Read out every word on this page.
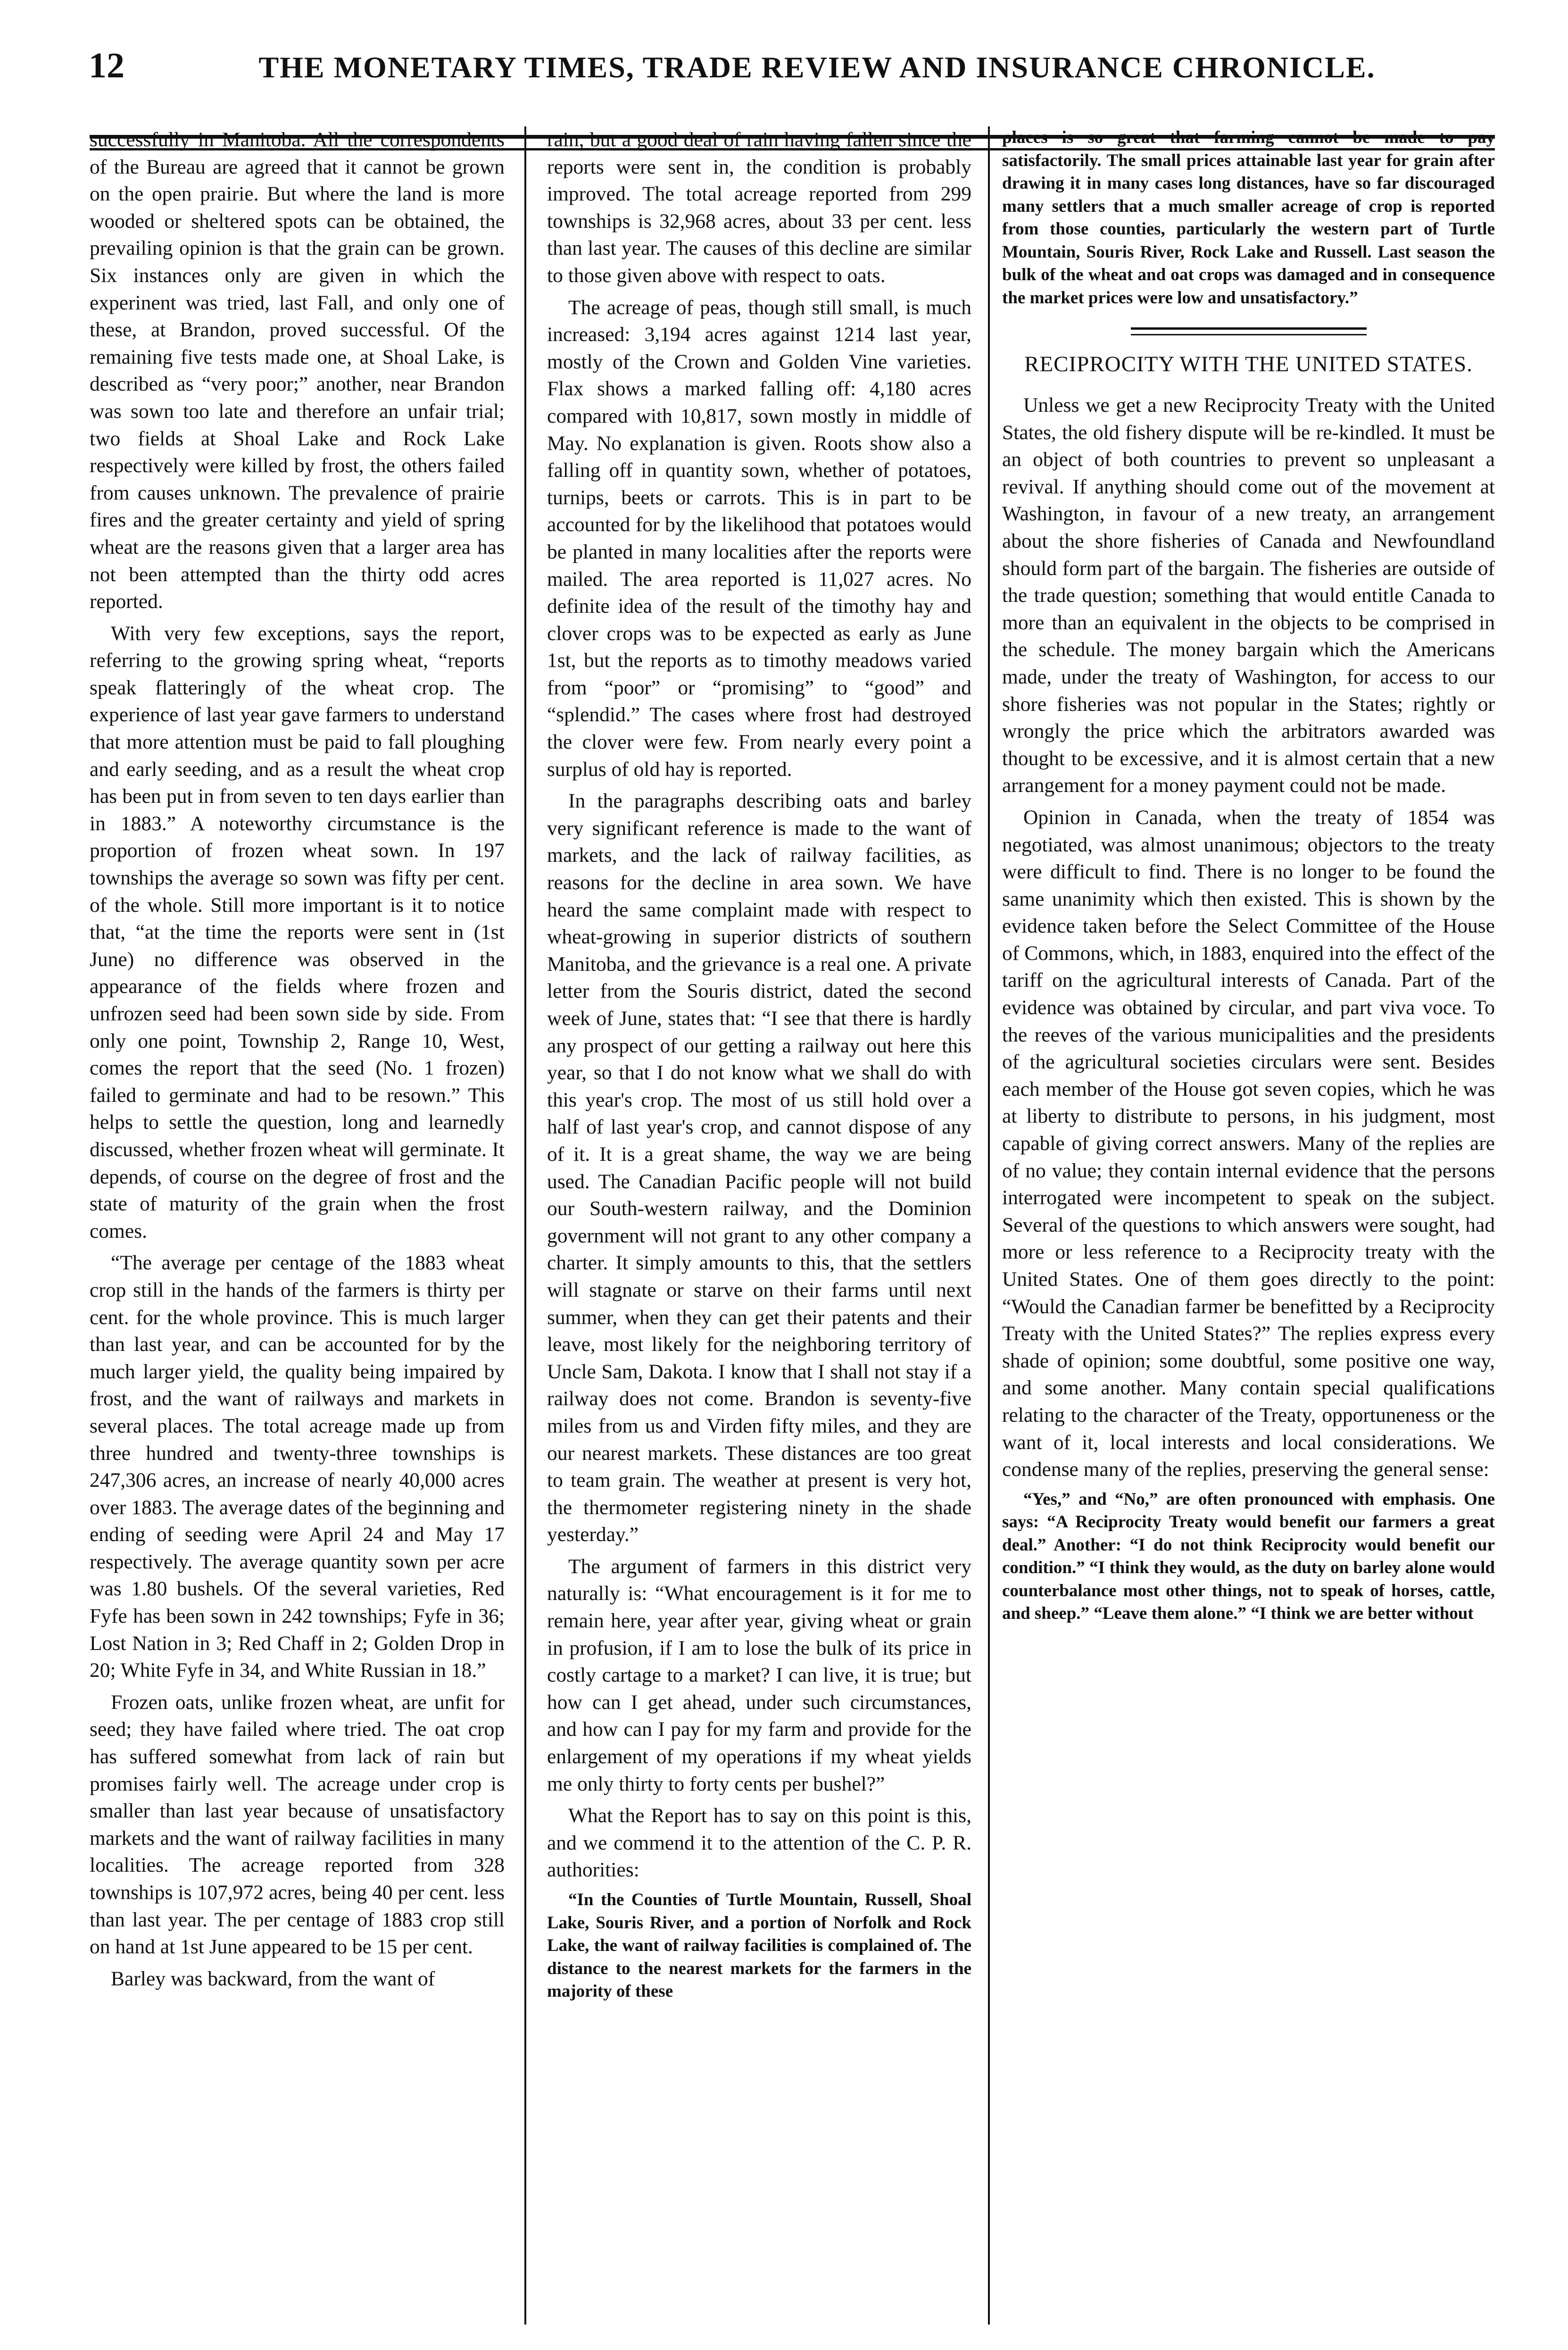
12	THE MONETARY TIMES, TRADE REVIEW AND INSURANCE CHRONICLE.

successfully in Manitoba. All the correspondents of the Bureau are agreed that it cannot be grown on the open prairie. But where the land is more wooded or sheltered spots can be obtained, the prevailing opinion is that the grain can be grown. Six instances only are given in which the experinent was tried, last Fall, and only one of these, at Brandon, proved successful. Of the remaining five tests made one, at Shoal Lake, is described as “very poor;” another, near Brandon was sown too late and therefore an unfair trial; two fields at Shoal Lake and Rock Lake respectively were killed by frost, the others failed from causes unknown. The prevalence of prairie fires and the greater certainty and yield of spring wheat are the reasons given that a larger area has not been attempted than the thirty odd acres reported.

With very few exceptions, says the report, referring to the growing spring wheat, “reports speak flatteringly of the wheat crop. The experience of last year gave farmers to understand that more attention must be paid to fall ploughing and early seeding, and as a result the wheat crop has been put in from seven to ten days earlier than in 1883.” A noteworthy circumstance is the proportion of frozen wheat sown. In 197 townships the average so sown was fifty per cent. of the whole. Still more important is it to notice that, “at the time the reports were sent in (1st June) no difference was observed in the appearance of the fields where frozen and unfrozen seed had been sown side by side. From only one point, Township 2, Range 10, West, comes the report that the seed (No. 1 frozen) failed to germinate and had to be resown.” This helps to settle the question, long and learnedly discussed, whether frozen wheat will germinate. It depends, of course on the degree of frost and the state of maturity of the grain when the frost comes.

“The average per centage of the 1883 wheat crop still in the hands of the farmers is thirty per cent. for the whole province. This is much larger than last year, and can be accounted for by the much larger yield, the quality being impaired by frost, and the want of railways and markets in several places. The total acreage made up from three hundred and twenty-three townships is 247,306 acres, an increase of nearly 40,000 acres over 1883. The average dates of the beginning and ending of seeding were April 24 and May 17 respectively. The average quantity sown per acre was 1.80 bushels. Of the several varieties, Red Fyfe has been sown in 242 townships; Fyfe in 36; Lost Nation in 3; Red Chaff in 2; Golden Drop in 20; White Fyfe in 34, and White Russian in 18.”

Frozen oats, unlike frozen wheat, are unfit for seed; they have failed where tried. The oat crop has suffered somewhat from lack of rain but promises fairly well. The acreage under crop is smaller than last year because of unsatisfactory markets and the want of railway facilities in many localities. The acreage reported from 328 townships is 107,972 acres, being 40 per cent. less than last year. The per centage of 1883 crop still on hand at 1st June appeared to be 15 per cent.

Barley was backward, from the want of

rain, but a good deal of rain having fallen since the reports were sent in, the condition is probably improved. The total acreage reported from 299 townships is 32,968 acres, about 33 per cent. less than last year. The causes of this decline are similar to those given above with respect to oats.

The acreage of peas, though still small, is much increased: 3,194 acres against 1214 last year, mostly of the Crown and Golden Vine varieties. Flax shows a marked falling off: 4,180 acres compared with 10,817, sown mostly in middle of May. No explanation is given. Roots show also a falling off in quantity sown, whether of potatoes, turnips, beets or carrots. This is in part to be accounted for by the likelihood that potatoes would be planted in many localities after the reports were mailed. The area reported is 11,027 acres. No definite idea of the result of the timothy hay and clover crops was to be expected as early as June 1st, but the reports as to timothy meadows varied from “poor” or “promising” to “good” and “splendid.” The cases where frost had destroyed the clover were few. From nearly every point a surplus of old hay is reported.

In the paragraphs describing oats and barley very significant reference is made to the want of markets, and the lack of railway facilities, as reasons for the decline in area sown. We have heard the same complaint made with respect to wheat-growing in superior districts of southern Manitoba, and the grievance is a real one. A private letter from the Souris district, dated the second week of June, states that: “I see that there is hardly any prospect of our getting a railway out here this year, so that I do not know what we shall do with this year's crop. The most of us still hold over a half of last year's crop, and cannot dispose of any of it. It is a great shame, the way we are being used. The Canadian Pacific people will not build our South-western railway, and the Dominion government will not grant to any other company a charter. It simply amounts to this, that the settlers will stagnate or starve on their farms until next summer, when they can get their patents and their leave, most likely for the neighboring territory of Uncle Sam, Dakota. I know that I shall not stay if a railway does not come. Brandon is seventy-five miles from us and Virden fifty miles, and they are our nearest markets. These distances are too great to team grain. The weather at present is very hot, the thermometer registering ninety in the shade yesterday.”

The argument of farmers in this district very naturally is: “What encouragement is it for me to remain here, year after year, giving wheat or grain in profusion, if I am to lose the bulk of its price in costly cartage to a market? I can live, it is true; but how can I get ahead, under such circumstances, and how can I pay for my farm and provide for the enlargement of my operations if my wheat yields me only thirty to forty cents per bushel?”

What the Report has to say on this point is this, and we commend it to the attention of the C. P. R. authorities:

“In the Counties of Turtle Mountain, Russell, Shoal Lake, Souris River, and a portion of Norfolk and Rock Lake, the want of railway facilities is complained of. The distance to the nearest markets for the farmers in the majority of these

places is so great that farming cannot be made to pay satisfactorily. The small prices attainable last year for grain after drawing it in many cases long distances, have so far discouraged many settlers that a much smaller acreage of crop is reported from those counties, particularly the western part of Turtle Mountain, Souris River, Rock Lake and Russell. Last season the bulk of the wheat and oat crops was damaged and in consequence the market prices were low and unsatisfactory.”

RECIPROCITY WITH THE UNITED STATES.

Unless we get a new Reciprocity Treaty with the United States, the old fishery dispute will be re-kindled. It must be an object of both countries to prevent so unpleasant a revival. If anything should come out of the movement at Washington, in favour of a new treaty, an arrangement about the shore fisheries of Canada and Newfoundland should form part of the bargain. The fisheries are outside of the trade question; something that would entitle Canada to more than an equivalent in the objects to be comprised in the schedule. The money bargain which the Americans made, under the treaty of Washington, for access to our shore fisheries was not popular in the States; rightly or wrongly the price which the arbitrators awarded was thought to be excessive, and it is almost certain that a new arrangement for a money payment could not be made.

Opinion in Canada, when the treaty of 1854 was negotiated, was almost unanimous; objectors to the treaty were difficult to find. There is no longer to be found the same unanimity which then existed. This is shown by the evidence taken before the Select Committee of the House of Commons, which, in 1883, enquired into the effect of the tariff on the agricultural interests of Canada. Part of the evidence was obtained by circular, and part viva voce. To the reeves of the various municipalities and the presidents of the agricultural societies circulars were sent. Besides each member of the House got seven copies, which he was at liberty to distribute to persons, in his judgment, most capable of giving correct answers. Many of the replies are of no value; they contain internal evidence that the persons interrogated were incompetent to speak on the subject. Several of the questions to which answers were sought, had more or less reference to a Reciprocity treaty with the United States. One of them goes directly to the point: “Would the Canadian farmer be benefitted by a Reciprocity Treaty with the United States?” The replies express every shade of opinion; some doubtful, some positive one way, and some another. Many contain special qualifications relating to the character of the Treaty, opportuneness or the want of it, local interests and local considerations. We condense many of the replies, preserving the general sense:

“Yes,” and “No,” are often pronounced with emphasis. One says: “A Reciprocity Treaty would benefit our farmers a great deal.” Another: “I do not think Reciprocity would benefit our condition.” “I think they would, as the duty on barley alone would counterbalance most other things, not to speak of horses, cattle, and sheep.” “Leave them alone.” “I think we are better without
